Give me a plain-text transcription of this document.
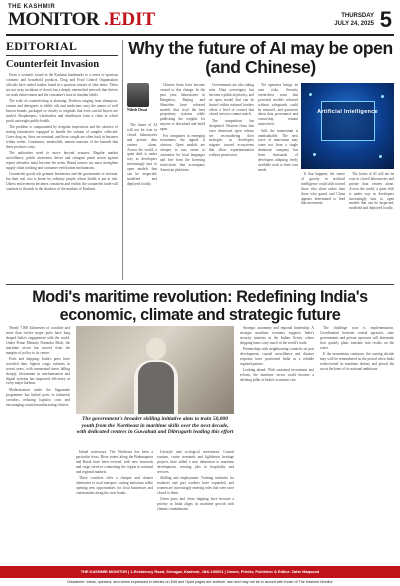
THE KASHMIR
MONITOR .EDIT	THURSDAY
JULY 24, 2025 5
EDITORIAL
Counterfeit Invasion

From a cosmetic found in the Kashmir bandmarks to a series of spurious cosmetic and household products, Drug and Food Control Organisation officials have raided traders found in a spurious seizure of fake items. These are not stray incidents of deceit but a deeply entrenched network that thrives on weak enforcement and the consumer's trust in familiar labels.

The scale of counterfeiting is alarming. Products ranging from shampoos, creams and detergents to edible oils and medicines carry the names of well known brands, packaged so closely to originals that even careful buyers are misled. Shopkeepers, wholesalers and distributors form a chain in which profit outweighs public health.

The problem is compounded by irregular inspections and the absence of testing laboratories equipped to handle the volume of samples collected. Cases drag on, fines are nominal, and those caught are often back in business within weeks. Consumers, meanwhile, remain unaware of the hazards that these products carry.

The authorities need to move beyond seizures. Regular market surveillance, public awareness drives and stringent penal action against repeat offenders must become the norm. Brand owners too must strengthen supply chain tracking and consumer verification mechanisms.

Counterfeit goods rob genuine businesses and the government of revenue, but their real cost is borne by ordinary people whose health is put at risk. Unless enforcement becomes consistent and visible, the counterfeit trade will continue to flourish in the shadows of the markets of Kashmir.

Why the future of AI may be open (and Chinese)
Nilesh Desai

The future of AI will not be won in closed laboratories and private data centres alone. Across the world, a quiet shift is under way as developers increasingly turn to open models that can be inspected, modified and deployed locally.

Chinese firms have become central to this change. In the past year, laboratories in Hangzhou, Beijing and Shenzhen have released models that rival the best proprietary systems while publishing the weights for anyone to download and build upon.

For companies in emerging economies, the appeal is obvious. Open models are cheaper to run, easier to customise for local languages and free from the licensing restrictions that accompany American platforms.

Governments are also taking note. Data sovereignty has become a political priority, and an open model that can be hosted within national borders offers a level of control that closed services cannot match.

The competition has sharpened. Western firms that once dismissed open release are reconsidering their strategies as developers migrate toward ecosystems that allow experimentation without permission.

Yet openness brings its own risks. Security researchers warn that powerful models released without safeguards could be misused, and questions about data provenance and censorship remain unresolved.

Still, the momentum is unmistakable. The next wave of innovation may come not from a single dominant company but from thousands of developers adapting freely available tools to their own needs.

Artificial Intelligence

If that happens, the centre of gravity in artificial intelligence could shift toward those who share rather than those who guard, and China appears determined to lead that movement.

The future of AI will not be won in closed laboratories and private data centres alone. Across the world, a quiet shift is under way as developers increasingly turn to open models that can be inspected, modified and deployed locally.

Modi's maritime revolution: Redefining India's economic, climate and strategic future

Nearly 7,000 kilometres of coastline and more than twelve major ports have long shaped India's engagement with the world. Under Prime Minister Narendra Modi, the maritime sector has moved from the margins of policy to its centre.

Ports and shipping: India's ports have recorded their highest cargo volumes in recent years, with turnaround times falling sharply. Investment in mechanisation and digital systems has improved efficiency at every major harbour.

Modernisation under the Sagarmala programme has linked ports to industrial corridors, reducing logistics costs and encouraging coastal manufacturing clusters.

The government's broader skilling initiative aims to train 50,000 youth from the Northeast in maritime skills over the next decade, with dedicated centres in Guwahati and Dibrugarh leading this effort

Inland waterways: The Northeast has been a particular focus. River routes along the Brahmaputra and Barak have been revived, with new terminals and cargo services connecting the region to national and regional markets.

These corridors offer a cheaper and cleaner alternative to road transport, cutting emissions while opening new opportunities for local businesses and communities along the river banks.

Lifestyle and ecological investment: Coastal tourism, cruise terminals and lighthouse heritage projects have added a new dimension to maritime development, creating jobs in hospitality and services.

Skilling and employment: Training institutes for seafarers and port workers have expanded, and women are increasingly entering roles that were once closed to them.

Green ports and clean shipping have become a priority as India aligns its maritime growth with climate commitments.

Strategic autonomy and regional leadership: A stronger maritime economy supports India's security interests in the Indian Ocean, where shipping lanes carry much of the world's trade.

Partnerships with neighbouring countries on port development, coastal surveillance and disaster response have positioned India as a reliable regional partner.

Looking ahead: With sustained investment and reform, the maritime sector could become a defining pillar of India's economic rise.

The challenge now is implementation. Coordination between central agencies, state governments and private operators will determine how quickly plans translate into results on the water.

If the momentum continues, the coming decade may well be remembered as the period when India rediscovered its maritime destiny and placed the sea at the heart of its national ambitions.

THE KASHMIR MONITOR | 1-Residency Road, Srinagar, Kashmir, J&K-190001 | Owner, Printer, Publisher & Editor: Zafar Maqsood
Disclaimer: Ideas, opinions, and views expressed in articles on Edit and Oped pages are authors' own and may not be in accord with those of The Kashmir Monitor
